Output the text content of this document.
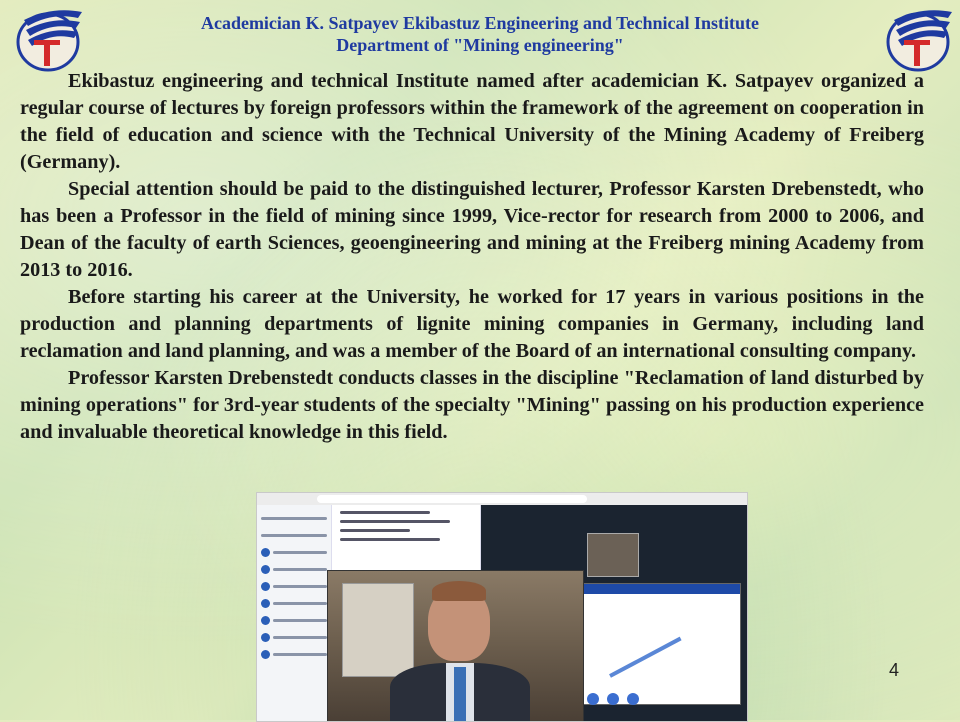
Academician K. Satpayev Ekibastuz Engineering and Technical Institute
Department of "Mining engineering"

Ekibastuz engineering and technical Institute named after academician K. Satpayev organized a regular course of lectures by foreign professors within the framework of the agreement on cooperation in the field of education and science with the Technical University of the Mining Academy of Freiberg (Germany).

Special attention should be paid to the distinguished lecturer, Professor Кarsten Drebenstedt, who has been a Professor in the field of mining since 1999, Vice-rector for research from 2000 to 2006, and Dean of the faculty of earth Sciences, geoengineering and mining at the Freiberg mining Academy from 2013 to 2016.

Before starting his career at the University, he worked for 17 years in various positions in the production and planning departments of lignite mining companies in Germany, including land reclamation and land planning, and was a member of the Board of an international consulting company.

Professor Кarsten Drebenstedt conducts classes in the discipline "Reclamation of land disturbed by mining operations" for 3rd-year students of the specialty "Mining" passing on his production experience and invaluable theoretical knowledge in this field.

4
